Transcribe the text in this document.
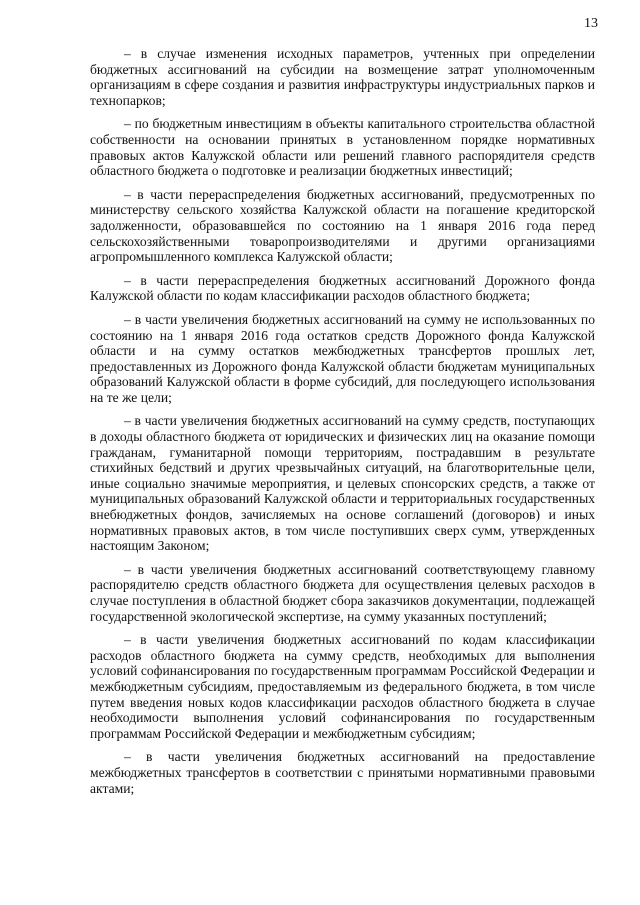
13

– в случае изменения исходных параметров, учтенных при определении бюджетных ассигнований на субсидии на возмещение затрат уполномоченным организациям в сфере создания и развития инфраструктуры индустриальных парков и технопарков;

– по бюджетным инвестициям в объекты капитального строительства областной собственности на основании принятых в установленном порядке нормативных правовых актов Калужской области или решений главного распорядителя средств областного бюджета о подготовке и реализации бюджетных инвестиций;

– в части перераспределения бюджетных ассигнований, предусмотренных по министерству сельского хозяйства Калужской области на погашение кредиторской задолженности, образовавшейся по состоянию на 1 января 2016 года перед сельскохозяйственными товаропроизводителями и другими организациями агропромышленного комплекса Калужской области;

– в части перераспределения бюджетных ассигнований Дорожного фонда Калужской области по кодам классификации расходов областного бюджета;

– в части увеличения бюджетных ассигнований на сумму не использованных по состоянию на 1 января 2016 года остатков средств Дорожного фонда Калужской области и на сумму остатков межбюджетных трансфертов прошлых лет, предоставленных из Дорожного фонда Калужской области бюджетам муниципальных образований Калужской области в форме субсидий, для последующего использования на те же цели;

– в части увеличения бюджетных ассигнований на сумму средств, поступающих в доходы областного бюджета от юридических и физических лиц на оказание помощи гражданам, гуманитарной помощи территориям, пострадавшим в результате стихийных бедствий и других чрезвычайных ситуаций, на благотворительные цели, иные социально значимые мероприятия, и целевых спонсорских средств, а также от муниципальных образований Калужской области и территориальных государственных внебюджетных фондов, зачисляемых на основе соглашений (договоров) и иных нормативных правовых актов, в том числе поступивших сверх сумм, утвержденных настоящим Законом;

– в части увеличения бюджетных ассигнований соответствующему главному распорядителю средств областного бюджета для осуществления целевых расходов в случае поступления в областной бюджет сбора заказчиков документации, подлежащей государственной экологической экспертизе, на сумму указанных поступлений;

– в части увеличения бюджетных ассигнований по кодам классификации расходов областного бюджета на сумму средств, необходимых для выполнения условий софинансирования по государственным программам Российской Федерации и межбюджетным субсидиям, предоставляемым из федерального бюджета, в том числе путем введения новых кодов классификации расходов областного бюджета в случае необходимости выполнения условий софинансирования по государственным программам Российской Федерации и межбюджетным субсидиям;

– в части увеличения бюджетных ассигнований на предоставление межбюджетных трансфертов в соответствии с принятыми нормативными правовыми актами;
